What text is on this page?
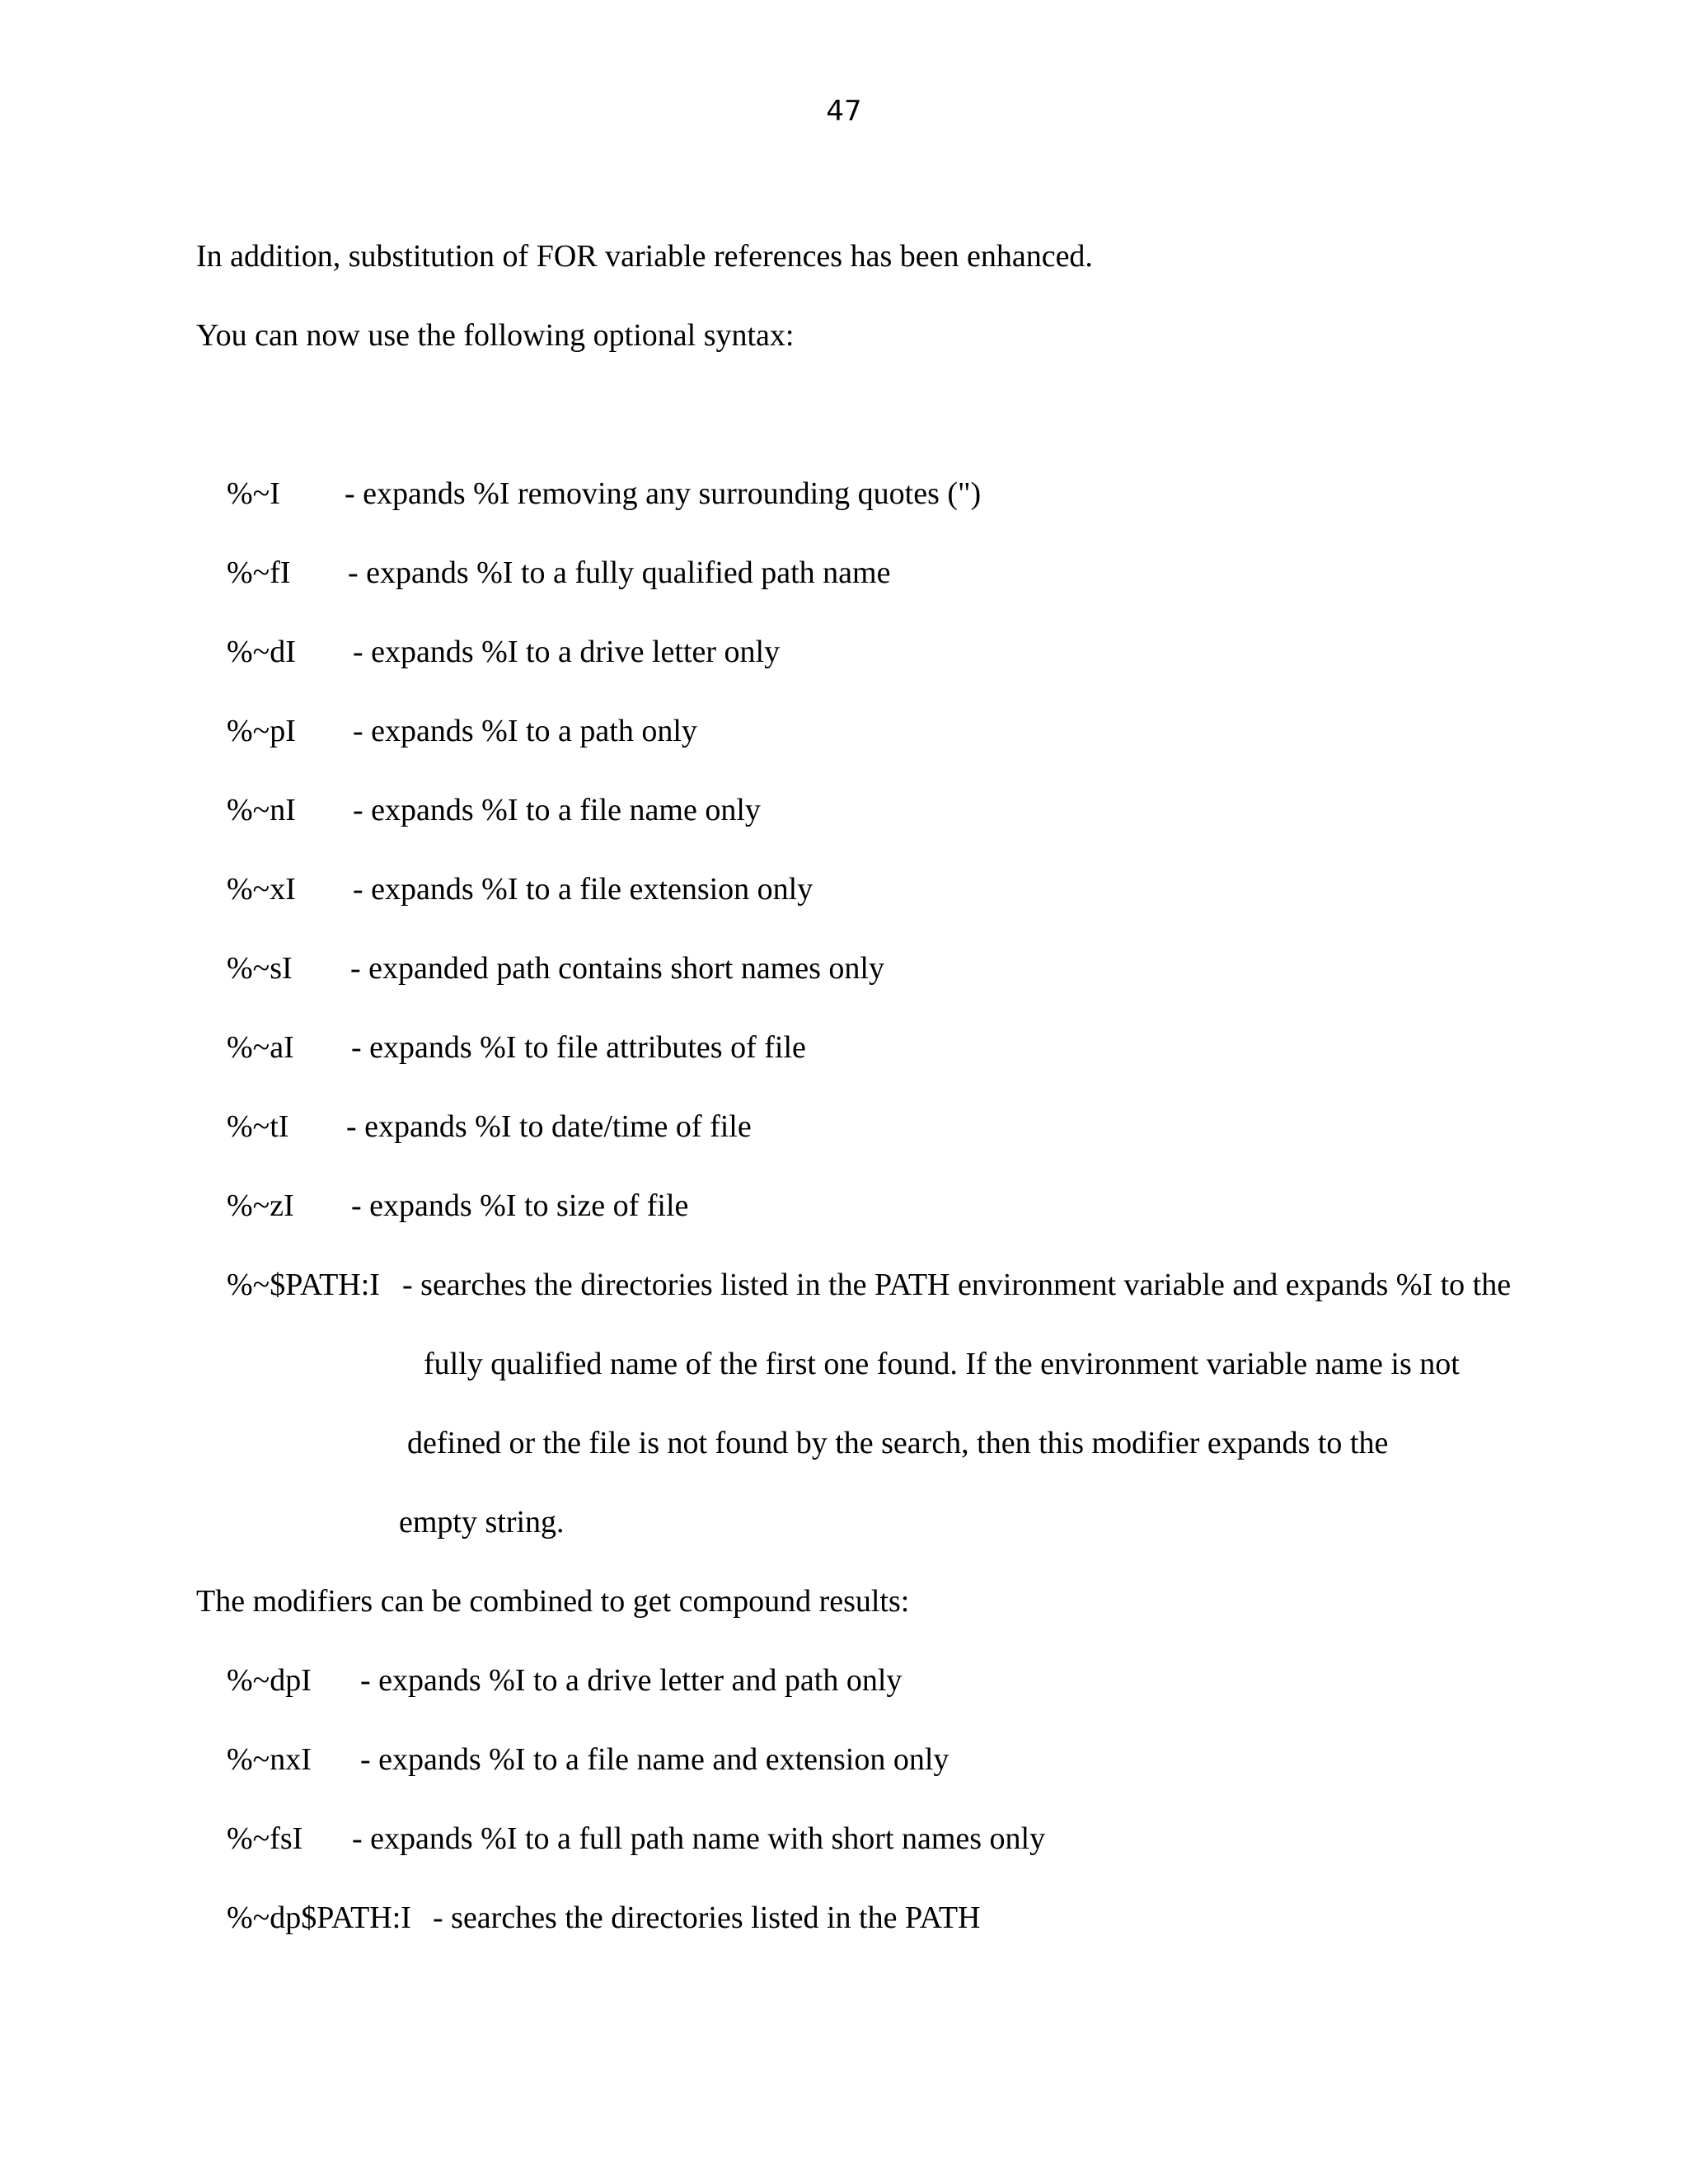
47
In addition, substitution of FOR variable references has been enhanced.
You can now use the following optional syntax:
%~I - expands %I removing any surrounding quotes (")
%~fI - expands %I to a fully qualified path name
%~dI - expands %I to a drive letter only
%~pI - expands %I to a path only
%~nI - expands %I to a file name only
%~xI - expands %I to a file extension only
%~sI - expanded path contains short names only
%~aI - expands %I to file attributes of file
%~tI - expands %I to date/time of file
%~zI - expands %I to size of file
%~$PATH:I - searches the directories listed in the PATH environment variable and expands %I to the
fully qualified name of the first one found. If the environment variable name is not
defined or the file is not found by the search, then this modifier expands to the
empty string.
The modifiers can be combined to get compound results:
%~dpI - expands %I to a drive letter and path only
%~nxI - expands %I to a file name and extension only
%~fsI - expands %I to a full path name with short names only
%~dp$PATH:I - searches the directories listed in the PATH
